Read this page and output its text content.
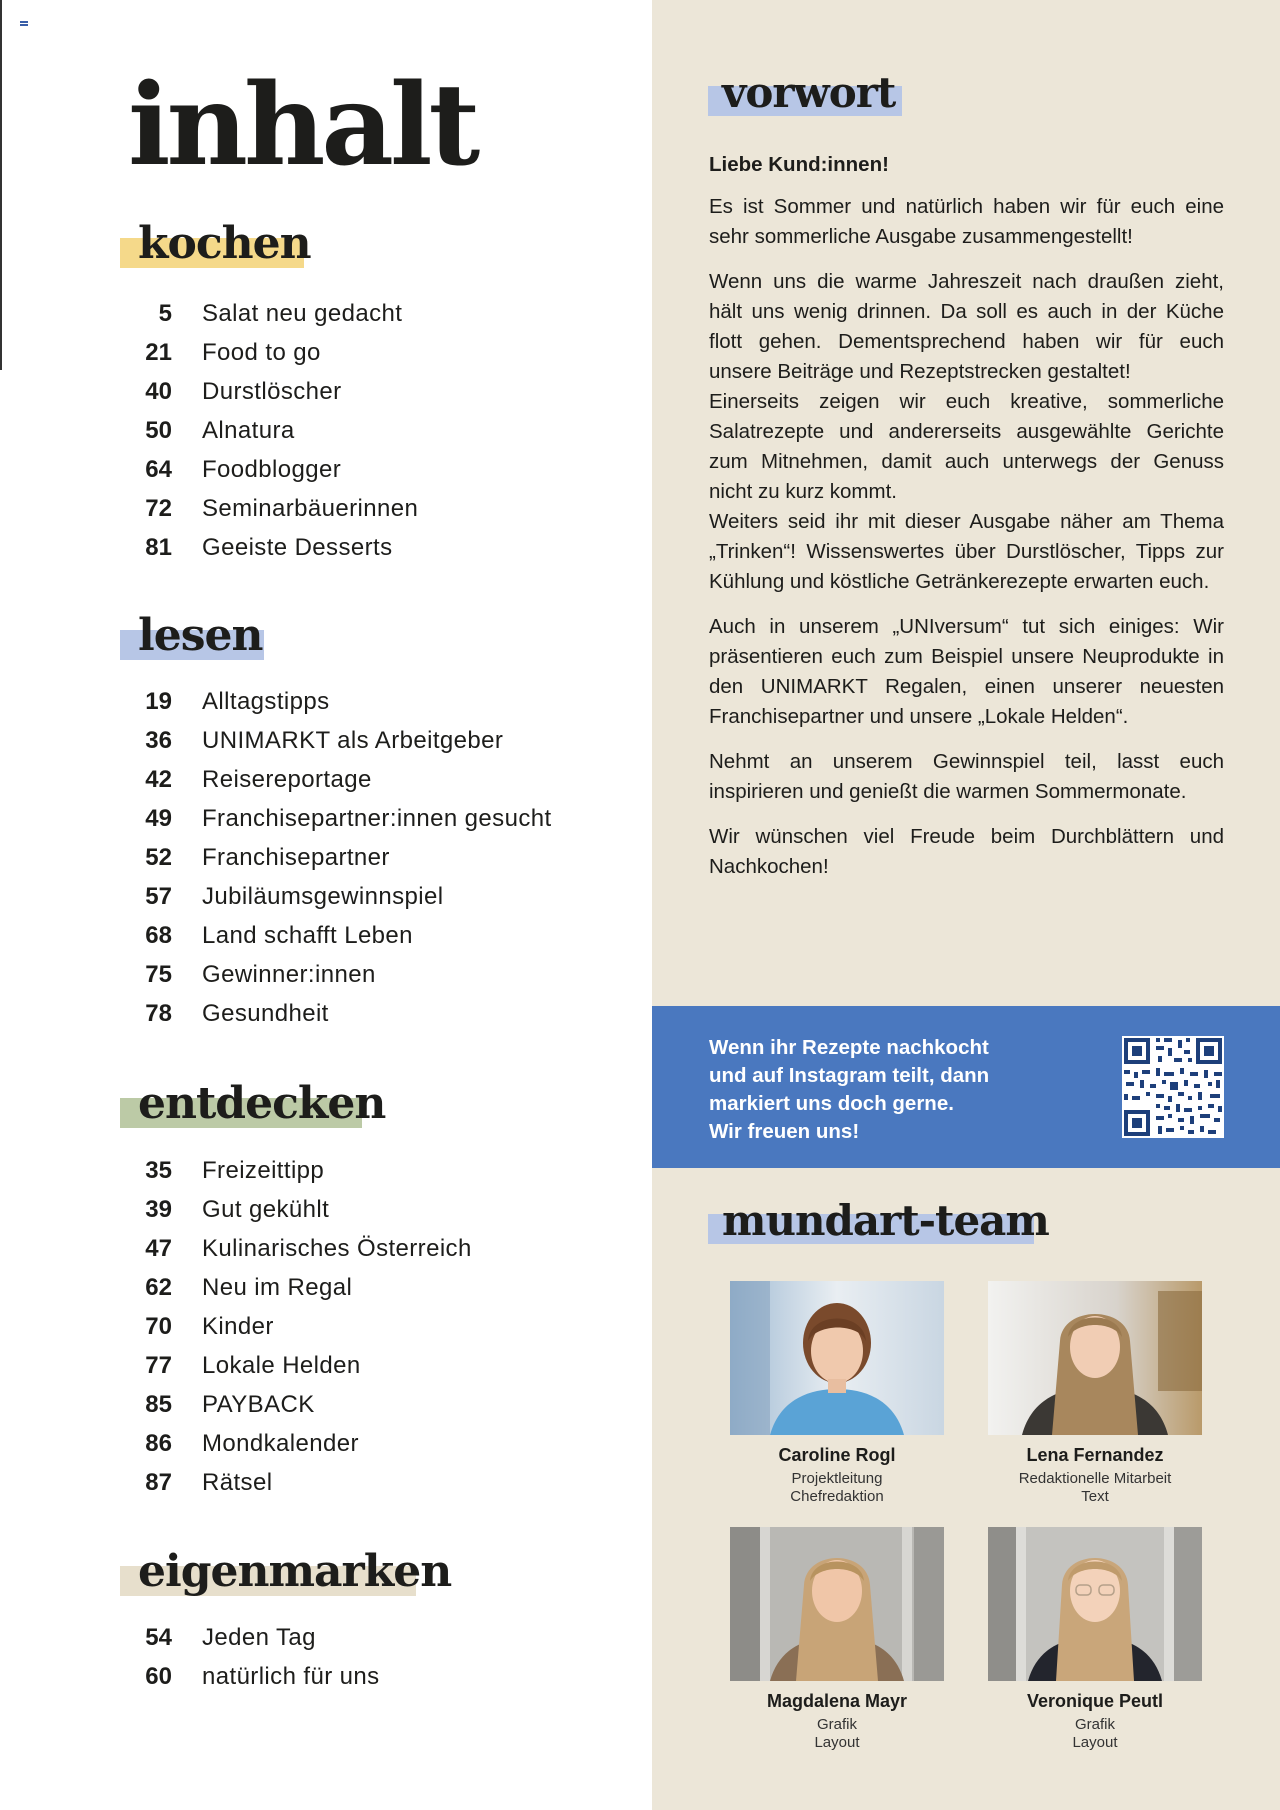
inhalt
kochen
5 Salat neu gedacht
21 Food to go
40 Durstlöscher
50 Alnatura
64 Foodblogger
72 Seminarbäuerinnen
81 Geeiste Desserts
lesen
19 Alltagstipps
36 UNIMARKT als Arbeitgeber
42 Reisereportage
49 Franchisepartner:innen gesucht
52 Franchisepartner
57 Jubiläumsgewinnspiel
68 Land schafft Leben
75 Gewinner:innen
78 Gesundheit
entdecken
35 Freizeittipp
39 Gut gekühlt
47 Kulinarisches Österreich
62 Neu im Regal
70 Kinder
77 Lokale Helden
85 PAYBACK
86 Mondkalender
87 Rätsel
eigenmarken
54 Jeden Tag
60 natürlich für uns
vorwort

Liebe Kund:innen!

Es ist Sommer und natürlich haben wir für euch eine sehr sommerliche Ausgabe zusammengestellt!

Wenn uns die warme Jahreszeit nach draußen zieht, hält uns wenig drinnen. Da soll es auch in der Küche flott gehen. Dementsprechend haben wir für euch unsere Beiträge und Rezeptstrecken gestaltet!

Einerseits zeigen wir euch kreative, sommerliche Salatrezepte und andererseits ausgewählte Gerichte zum Mitnehmen, damit auch unterwegs der Genuss nicht zu kurz kommt.

Weiters seid ihr mit dieser Ausgabe näher am Thema „Trinken“! Wissenswertes über Durstlöscher, Tipps zur Kühlung und köstliche Getränkerezepte erwarten euch.

Auch in unserem „UNIversum“ tut sich einiges: Wir präsentieren euch zum Beispiel unsere Neuprodukte in den UNIMARKT Regalen, einen unserer neuesten Franchisepartner und unsere „Lokale Helden“.

Nehmt an unserem Gewinnspiel teil, lasst euch inspirieren und genießt die warmen Sommermonate.

Wir wünschen viel Freude beim Durchblättern und Nachkochen!

Wenn ihr Rezepte nachkocht
und auf Instagram teilt, dann
markiert uns doch gerne.
Wir freuen uns!
mundart-team
Caroline Rogl
Projektleitung
Chefredaktion
Lena Fernandez
Redaktionelle Mitarbeit
Text
Magdalena Mayr
Grafik
Layout
Veronique Peutl
Grafik
Layout
